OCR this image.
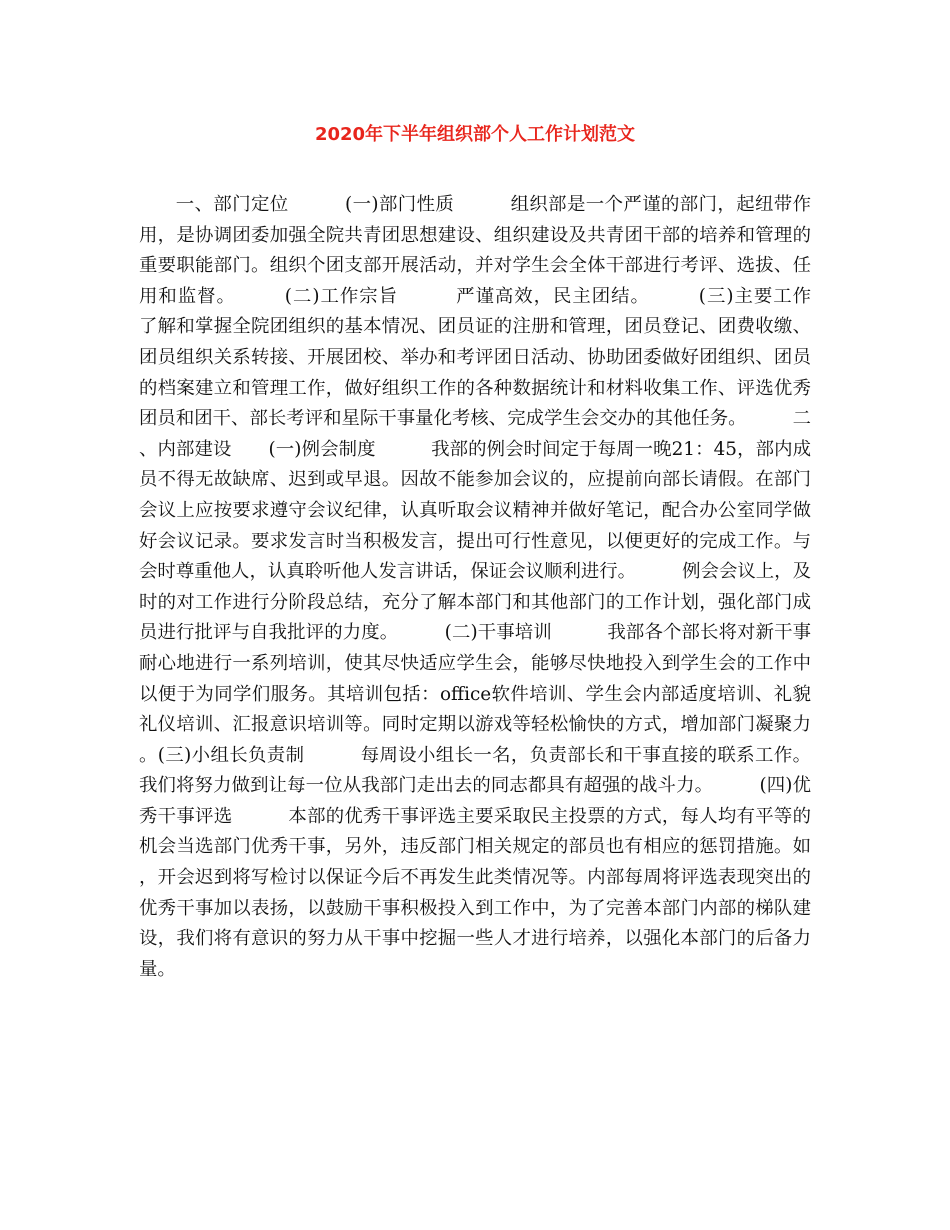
2020年下半年组织部个人工作计划范文

一、部门定位　　　(一)部门性质　　　组织部是一个严谨的部门，起纽带作用，是协调团委加强全院共青团思想建设、组织建设及共青团干部的培养和管理的重要职能部门。组织个团支部开展活动，并对学生会全体干部进行考评、选拔、任用和监督。　　　(二)工作宗旨　　　严谨高效，民主团结。　　　(三)主要工作　　　了解和掌握全院团组织的基本情况、团员证的注册和管理，团员登记、团费收缴、团员组织关系转接、开展团校、举办和考评团日活动、协助团委做好团组织、团员的档案建立和管理工作，做好组织工作的各种数据统计和材料收集工作、评选优秀团员和团干、部长考评和星际干事量化考核、完成学生会交办的其他任务。　　　二、内部建设　　(一)例会制度　　　我部的例会时间定于每周一晚21：45，部内成员不得无故缺席、迟到或早退。因故不能参加会议的，应提前向部长请假。在部门会议上应按要求遵守会议纪律，认真听取会议精神并做好笔记，配合办公室同学做好会议记录。要求发言时当积极发言，提出可行性意见，以便更好的完成工作。与会时尊重他人，认真聆听他人发言讲话，保证会议顺利进行。　　　例会会议上，及时的对工作进行分阶段总结，充分了解本部门和其他部门的工作计划，强化部门成员进行批评与自我批评的力度。　　　(二)干事培训　　　我部各个部长将对新干事耐心地进行一系列培训，使其尽快适应学生会，能够尽快地投入到学生会的工作中以便于为同学们服务。其培训包括：office软件培训、学生会内部适度培训、礼貌礼仪培训、汇报意识培训等。同时定期以游戏等轻松愉快的方式，增加部门凝聚力。(三)小组长负责制　　　每周设小组长一名，负责部长和干事直接的联系工作。我们将努力做到让每一位从我部门走出去的同志都具有超强的战斗力。　　　(四)优秀干事评选　　　本部的优秀干事评选主要采取民主投票的方式，每人均有平等的机会当选部门优秀干事，另外，违反部门相关规定的部员也有相应的惩罚措施。如，开会迟到将写检讨以保证今后不再发生此类情况等。内部每周将评选表现突出的优秀干事加以表扬，以鼓励干事积极投入到工作中，为了完善本部门内部的梯队建设，我们将有意识的努力从干事中挖掘一些人才进行培养，以强化本部门的后备力量。
